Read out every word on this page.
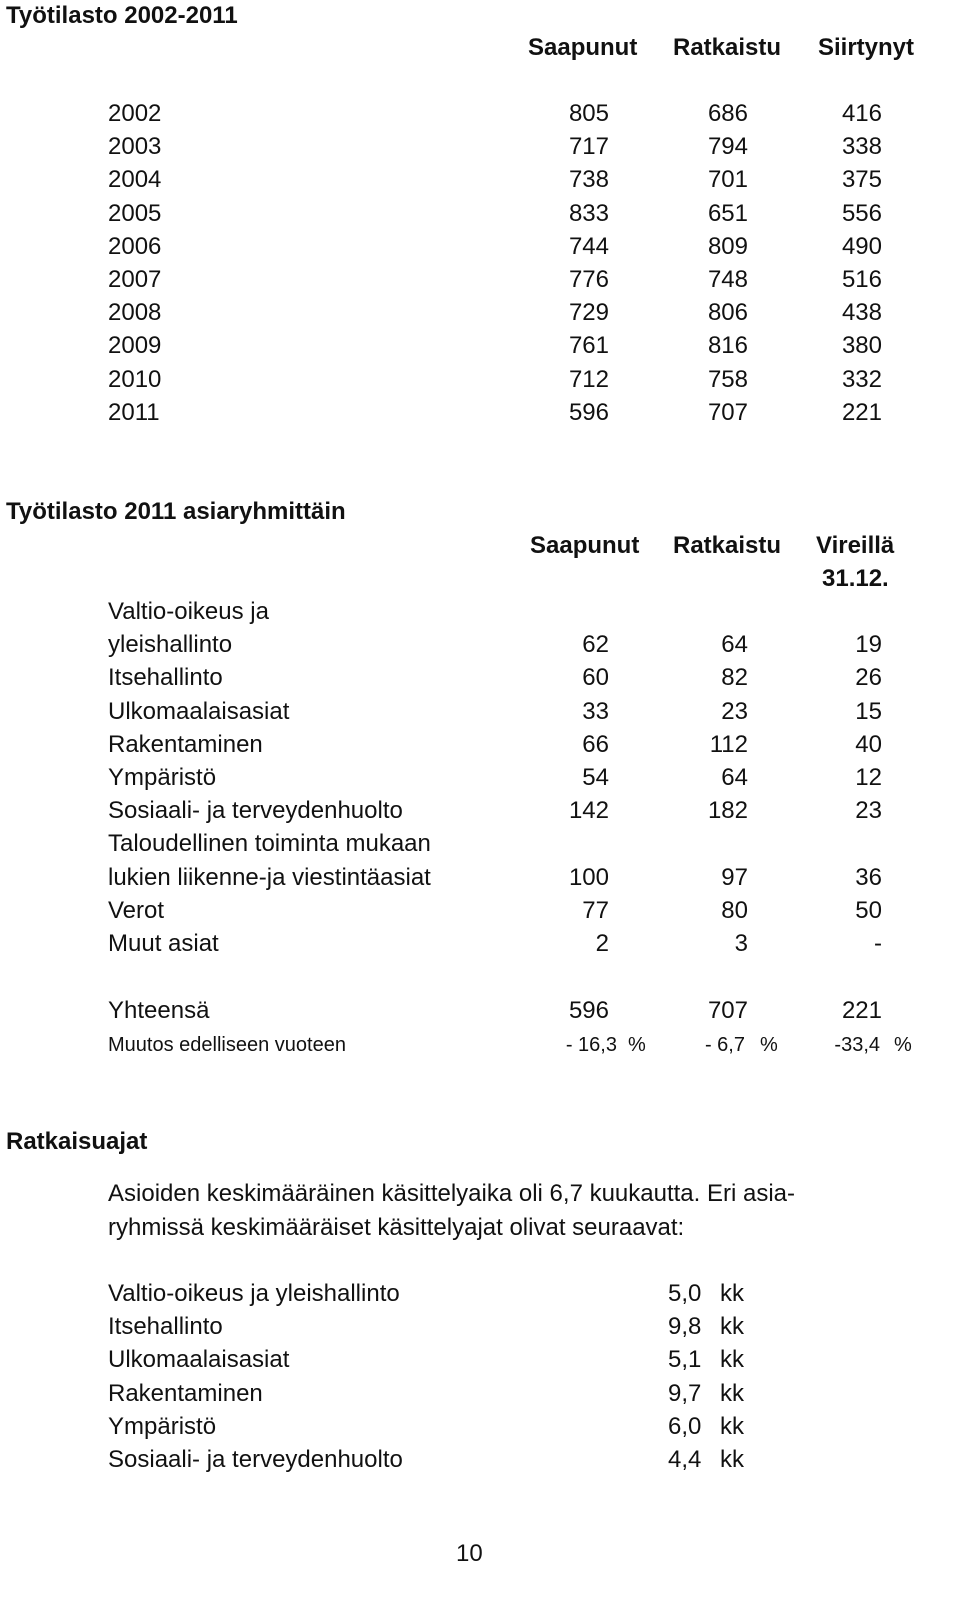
Työtilasto 2002-2011
Saapunut Ratkaistu Siirtynyt
2002	805	686	416
2003	717	794	338
2004	738	701	375
2005	833	651	556
2006	744	809	490
2007	776	748	516
2008	729	806	438
2009	761	816	380
2010	712	758	332
2011	596	707	221
Työtilasto 2011 asiaryhmittäin
Saapunut Ratkaistu Vireillä
31.12.
Valtio-oikeus ja
yleishallinto	62	64	19
Itsehallinto	60	82	26
Ulkomaalaisasiat	33	23	15
Rakentaminen	66	112	40
Ympäristö	54	64	12
Sosiaali- ja terveydenhuolto	142	182	23
Taloudellinen toiminta mukaan
lukien liikenne-ja viestintäasiat	100	97	36
Verot	77	80	50
Muut asiat	2	3	-
Yhteensä	596	707	221
Muutos edelliseen vuoteen	- 16,3 %	- 6,7 %	-33,4 %
Ratkaisuajat
Asioiden keskimääräinen käsittelyaika oli 6,7 kuukautta. Eri asia-
ryhmissä keskimääräiset käsittelyajat olivat seuraavat:
Valtio-oikeus ja yleishallinto	5,0 kk
Itsehallinto	9,8 kk
Ulkomaalaisasiat	5,1 kk
Rakentaminen	9,7 kk
Ympäristö	6,0 kk
Sosiaali- ja terveydenhuolto	4,4 kk
10
